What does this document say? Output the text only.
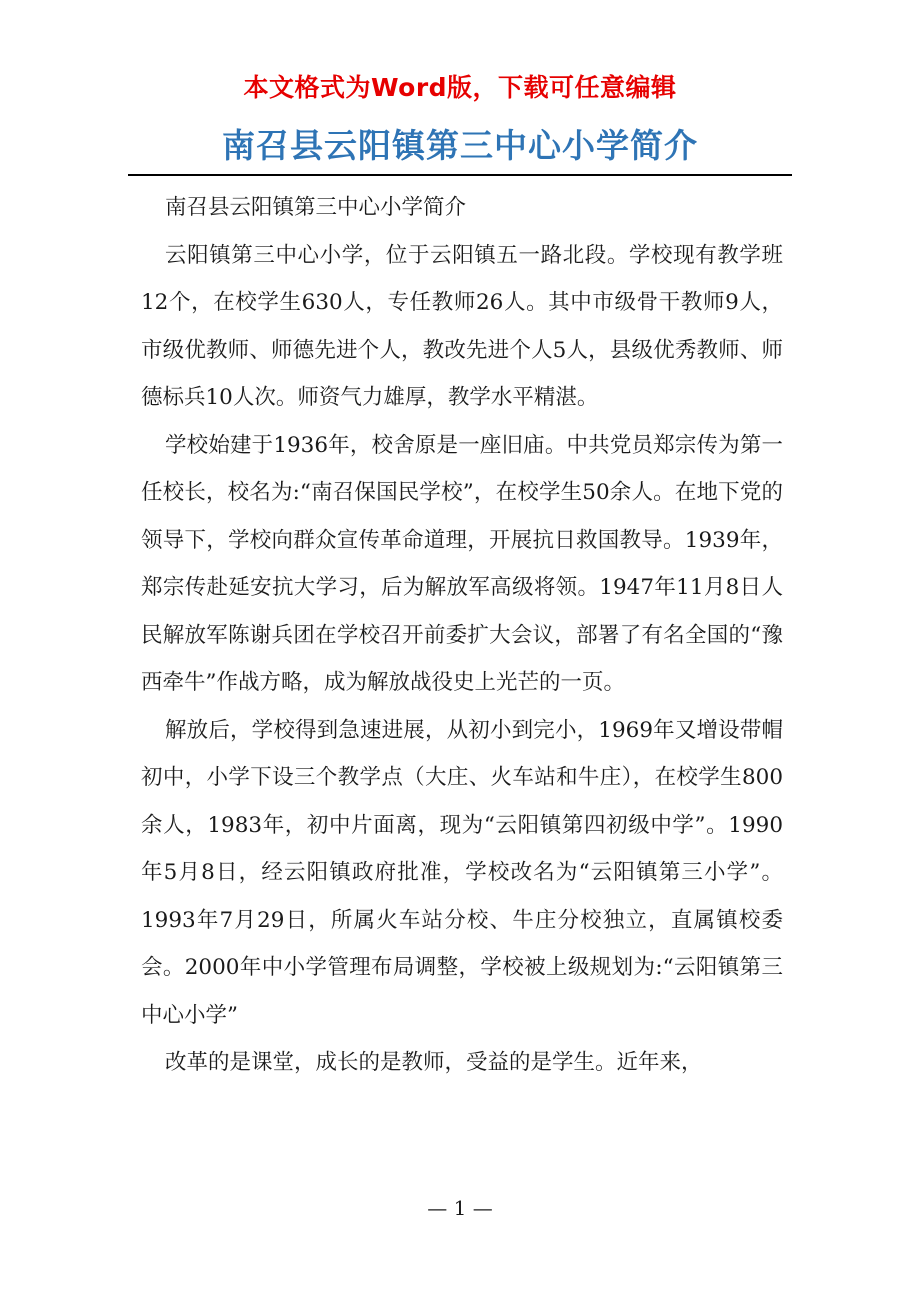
本文格式为Word版，下载可任意编辑
南召县云阳镇第三中心小学简介

南召县云阳镇第三中心小学简介

云阳镇第三中心小学，位于云阳镇五一路北段。学校现有教学班12个，在校学生630人，专任教师26人。其中市级骨干教师9人，市级优教师、师德先进个人，教改先进个人5人，县级优秀教师、师德标兵10人次。师资气力雄厚，教学水平精湛。

学校始建于1936年，校舍原是一座旧庙。中共党员郑宗传为第一任校长，校名为:“南召保国民学校”，在校学生50余人。在地下党的领导下，学校向群众宣传革命道理，开展抗日救国教导。1939年，郑宗传赴延安抗大学习，后为解放军高级将领。1947年11月8日人民解放军陈谢兵团在学校召开前委扩大会议，部署了有名全国的“豫西牵牛”作战方略，成为解放战役史上光芒的一页。

解放后，学校得到急速进展，从初小到完小，1969年又增设带帽初中，小学下设三个教学点（大庄、火车站和牛庄），在校学生800余人，1983年，初中片面离，现为“云阳镇第四初级中学”。1990年5月8日，经云阳镇政府批准，学校改名为“云阳镇第三小学”。1993年7月29日，所属火车站分校、牛庄分校独立，直属镇校委会。2000年中小学管理布局调整，学校被上级规划为:“云阳镇第三中心小学”

改革的是课堂，成长的是教师，受益的是学生。近年来，

— 1 —
